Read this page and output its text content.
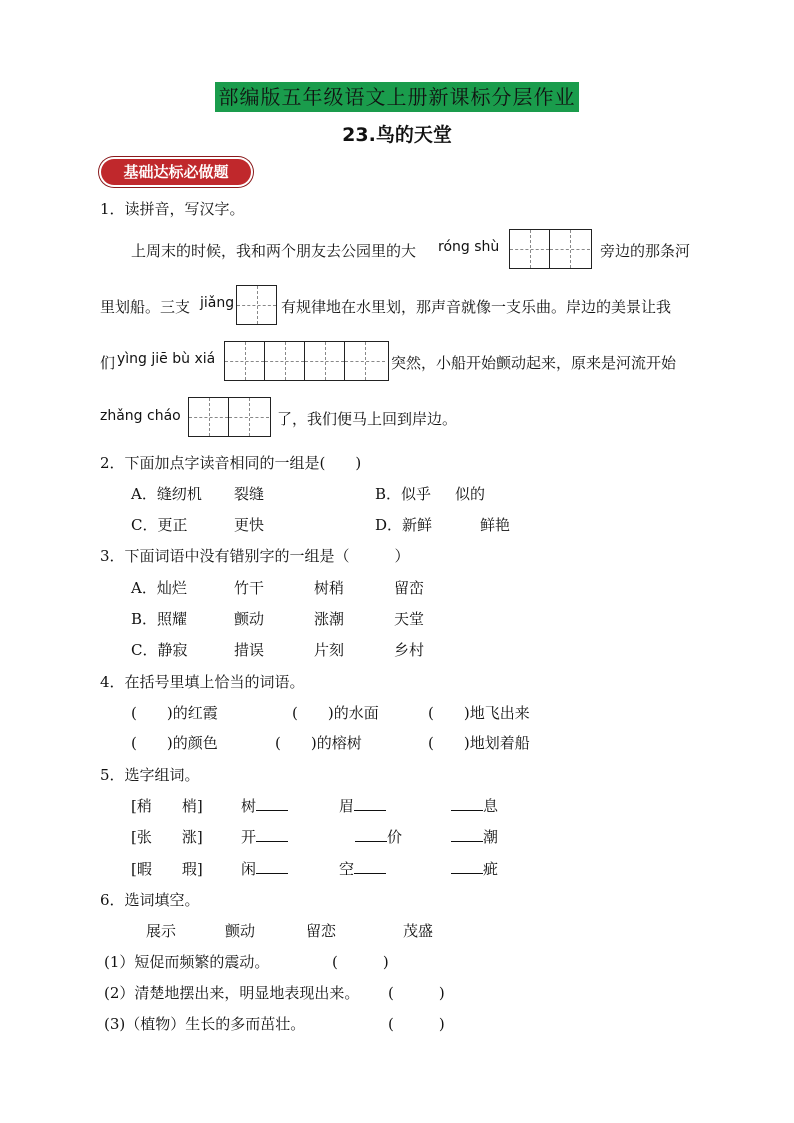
部编版五年级语文上册新课标分层作业
23.鸟的天堂
基础达标必做题
1．读拼音，写汉字。
上周末的时候，我和两个朋友去公园里的大 róng shù	旁边的那条河
里划船。三支 jiǎng	有规律地在水里划，那声音就像一支乐曲。岸边的美景让我
们 yìng jiē bù xiá	突然，小船开始颤动起来，原来是河流开始
zhǎng cháo	了，我们便马上回到岸边。
2．下面加点字读音相同的一组是(　　)
A．缝纫机 裂缝	B．似乎 似的
C．更正	更快	D．新鲜	鲜艳
3．下面词语中没有错别字的一组是（　　　）
A．灿烂	竹干	树稍	留峦
B．照耀	颤动	涨潮	天堂
C．静寂	措误	片刻	乡村
4．在括号里填上恰当的词语。
(　　)的红霞	(　　)的水面	(　　)地飞出来
(　　)的颜色	(　　)的榕树	(　　)地划着船
5．选字组词。
[稍　　梢]	树	眉	息
[张　　涨]	开	价	潮
[暇　　瑕]	闲	空	疵
6．选词填空。
展示	颤动	留恋	茂盛
(1）短促而频繁的震动。	(　　　)
(2）清楚地摆出来，明显地表现出来。 (　　　)
(3)（植物）生长的多而茁壮。	(　　　)
